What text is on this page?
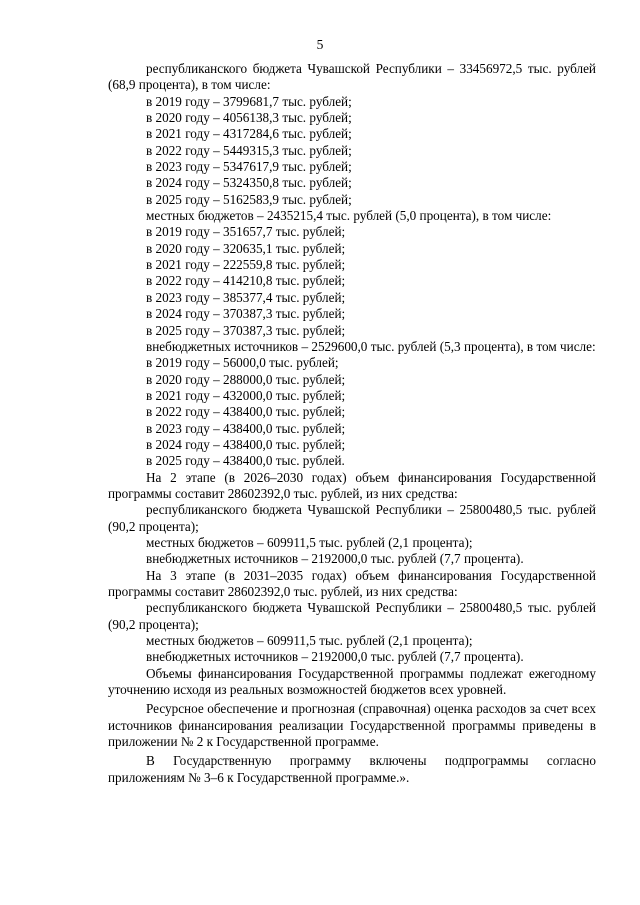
5

республиканского бюджета Чувашской Республики – 33456972,5 тыс. рублей (68,9 процента), в том числе:

в 2019 году – 3799681,7 тыс. рублей;

в 2020 году – 4056138,3 тыс. рублей;

в 2021 году – 4317284,6 тыс. рублей;

в 2022 году – 5449315,3 тыс. рублей;

в 2023 году – 5347617,9 тыс. рублей;

в 2024 году – 5324350,8 тыс. рублей;

в 2025 году – 5162583,9 тыс. рублей;

местных бюджетов – 2435215,4 тыс. рублей (5,0 процента), в том числе:

в 2019 году – 351657,7 тыс. рублей;

в 2020 году – 320635,1 тыс. рублей;

в 2021 году – 222559,8 тыс. рублей;

в 2022 году – 414210,8 тыс. рублей;

в 2023 году – 385377,4 тыс. рублей;

в 2024 году – 370387,3 тыс. рублей;

в 2025 году – 370387,3 тыс. рублей;

внебюджетных источников – 2529600,0 тыс. рублей (5,3 процента), в том числе:

в 2019 году – 56000,0 тыс. рублей;

в 2020 году – 288000,0 тыс. рублей;

в 2021 году – 432000,0 тыс. рублей;

в 2022 году – 438400,0 тыс. рублей;

в 2023 году – 438400,0 тыс. рублей;

в 2024 году – 438400,0 тыс. рублей;

в 2025 году – 438400,0 тыс. рублей.

На 2 этапе (в 2026–2030 годах) объем финансирования Государственной программы составит 28602392,0 тыс. рублей, из них средства:

республиканского бюджета Чувашской Республики – 25800480,5 тыс. рублей (90,2 процента);

местных бюджетов – 609911,5 тыс. рублей (2,1 процента);

внебюджетных источников – 2192000,0 тыс. рублей (7,7 процента).

На 3 этапе (в 2031–2035 годах) объем финансирования Государственной программы составит 28602392,0 тыс. рублей, из них средства:

республиканского бюджета Чувашской Республики – 25800480,5 тыс. рублей (90,2 процента);

местных бюджетов – 609911,5 тыс. рублей (2,1 процента);

внебюджетных источников – 2192000,0 тыс. рублей (7,7 процента).

Объемы финансирования Государственной программы подлежат ежегодному уточнению исходя из реальных возможностей бюджетов всех уровней.

Ресурсное обеспечение и прогнозная (справочная) оценка расходов за счет всех источников финансирования реализации Государственной программы приведены в приложении № 2 к Государственной программе.

В Государственную программу включены подпрограммы согласно приложениям № 3–6 к Государственной программе.».
